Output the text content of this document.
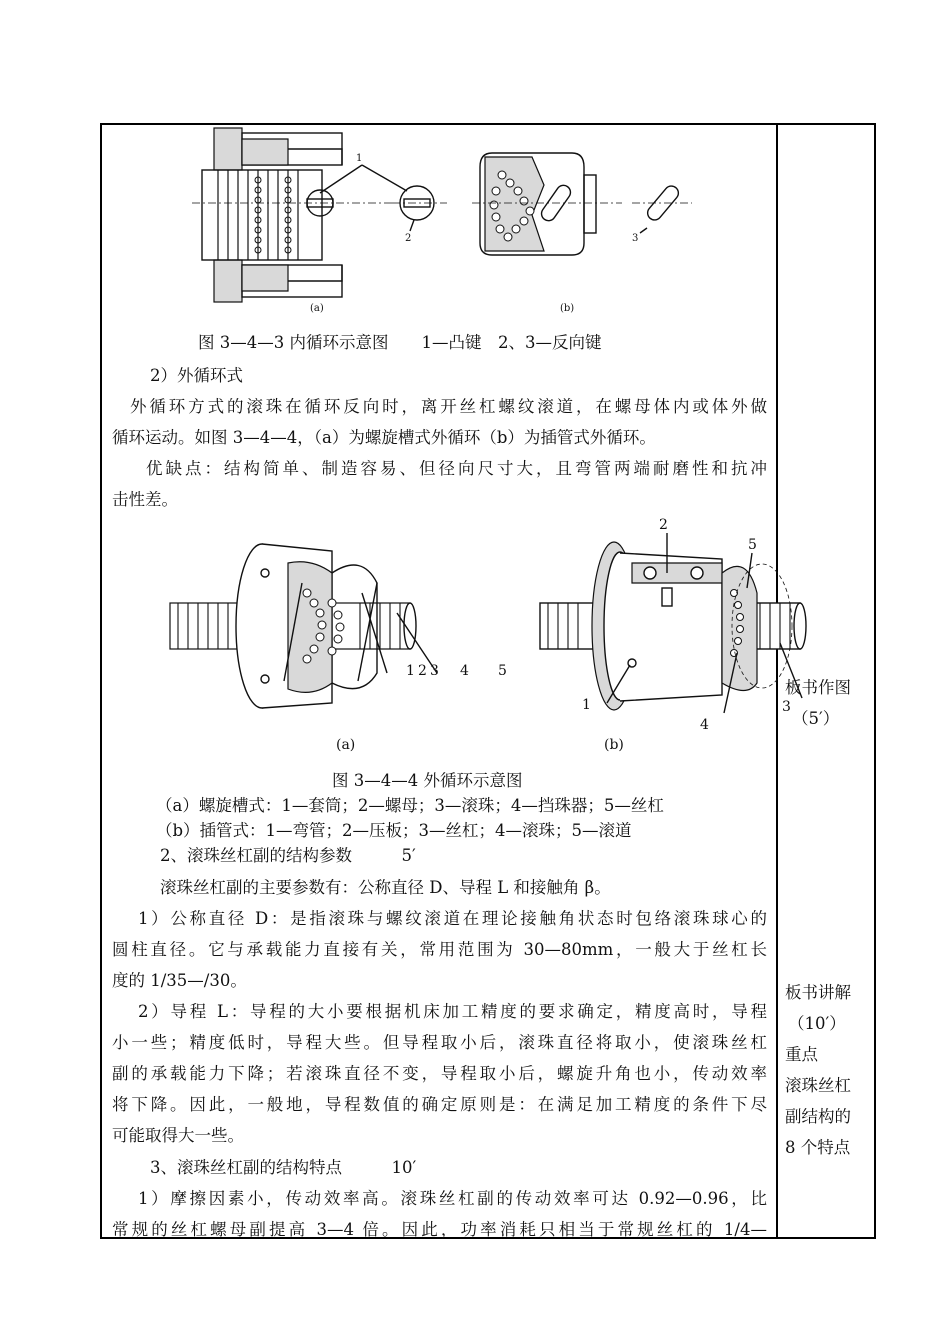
1
2	3
(a)	(b)
图 3—4—3 内循环示意图　　1—凸键　2、3—反向键
2）外循环式
外循环方式的滚珠在循环反向时，离开丝杠螺纹滚道，在螺母体内或体外做
循环运动。如图 3—4—4，（a）为螺旋槽式外循环（b）为插管式外循环。
优缺点：结构简单、制造容易、但径向尺寸大，且弯管两端耐磨性和抗冲
击性差。
1 2 3 4 5
2
5
1
4
3
(a)	(b)
图 3—4—4 外循环示意图
（a）螺旋槽式：1—套筒；2—螺母；3—滚珠；4—挡珠器；5—丝杠
（b）插管式：1—弯管；2—压板；3—丝杠；4—滚珠；5—滚道
2、滚珠丝杠副的结构参数　　　5′
滚珠丝杠副的主要参数有：公称直径 D、导程 L 和接触角 β。
1）公称直径 D：是指滚珠与螺纹滚道在理论接触角状态时包络滚珠球心的
圆柱直径。它与承载能力直接有关，常用范围为 30—80mm，一般大于丝杠长
度的 1/35—/30。
2）导程 L：导程的大小要根据机床加工精度的要求确定，精度高时，导程
小一些；精度低时，导程大些。但导程取小后，滚珠直径将取小，使滚珠丝杠
副的承载能力下降；若滚珠直径不变，导程取小后，螺旋升角也小，传动效率
将下降。因此，一般地，导程数值的确定原则是：在满足加工精度的条件下尽
可能取得大一些。
3、滚珠丝杠副的结构特点　　　10′
1）摩擦因素小，传动效率高。滚珠丝杠副的传动效率可达 0.92—0.96，比
常规的丝杠螺母副提高 3—4 倍。因此，功率消耗只相当于常规丝杠的 1/4—
板书作图
（5′）
板书讲解
（10′）
重点
滚珠丝杠
副结构的
8 个特点
